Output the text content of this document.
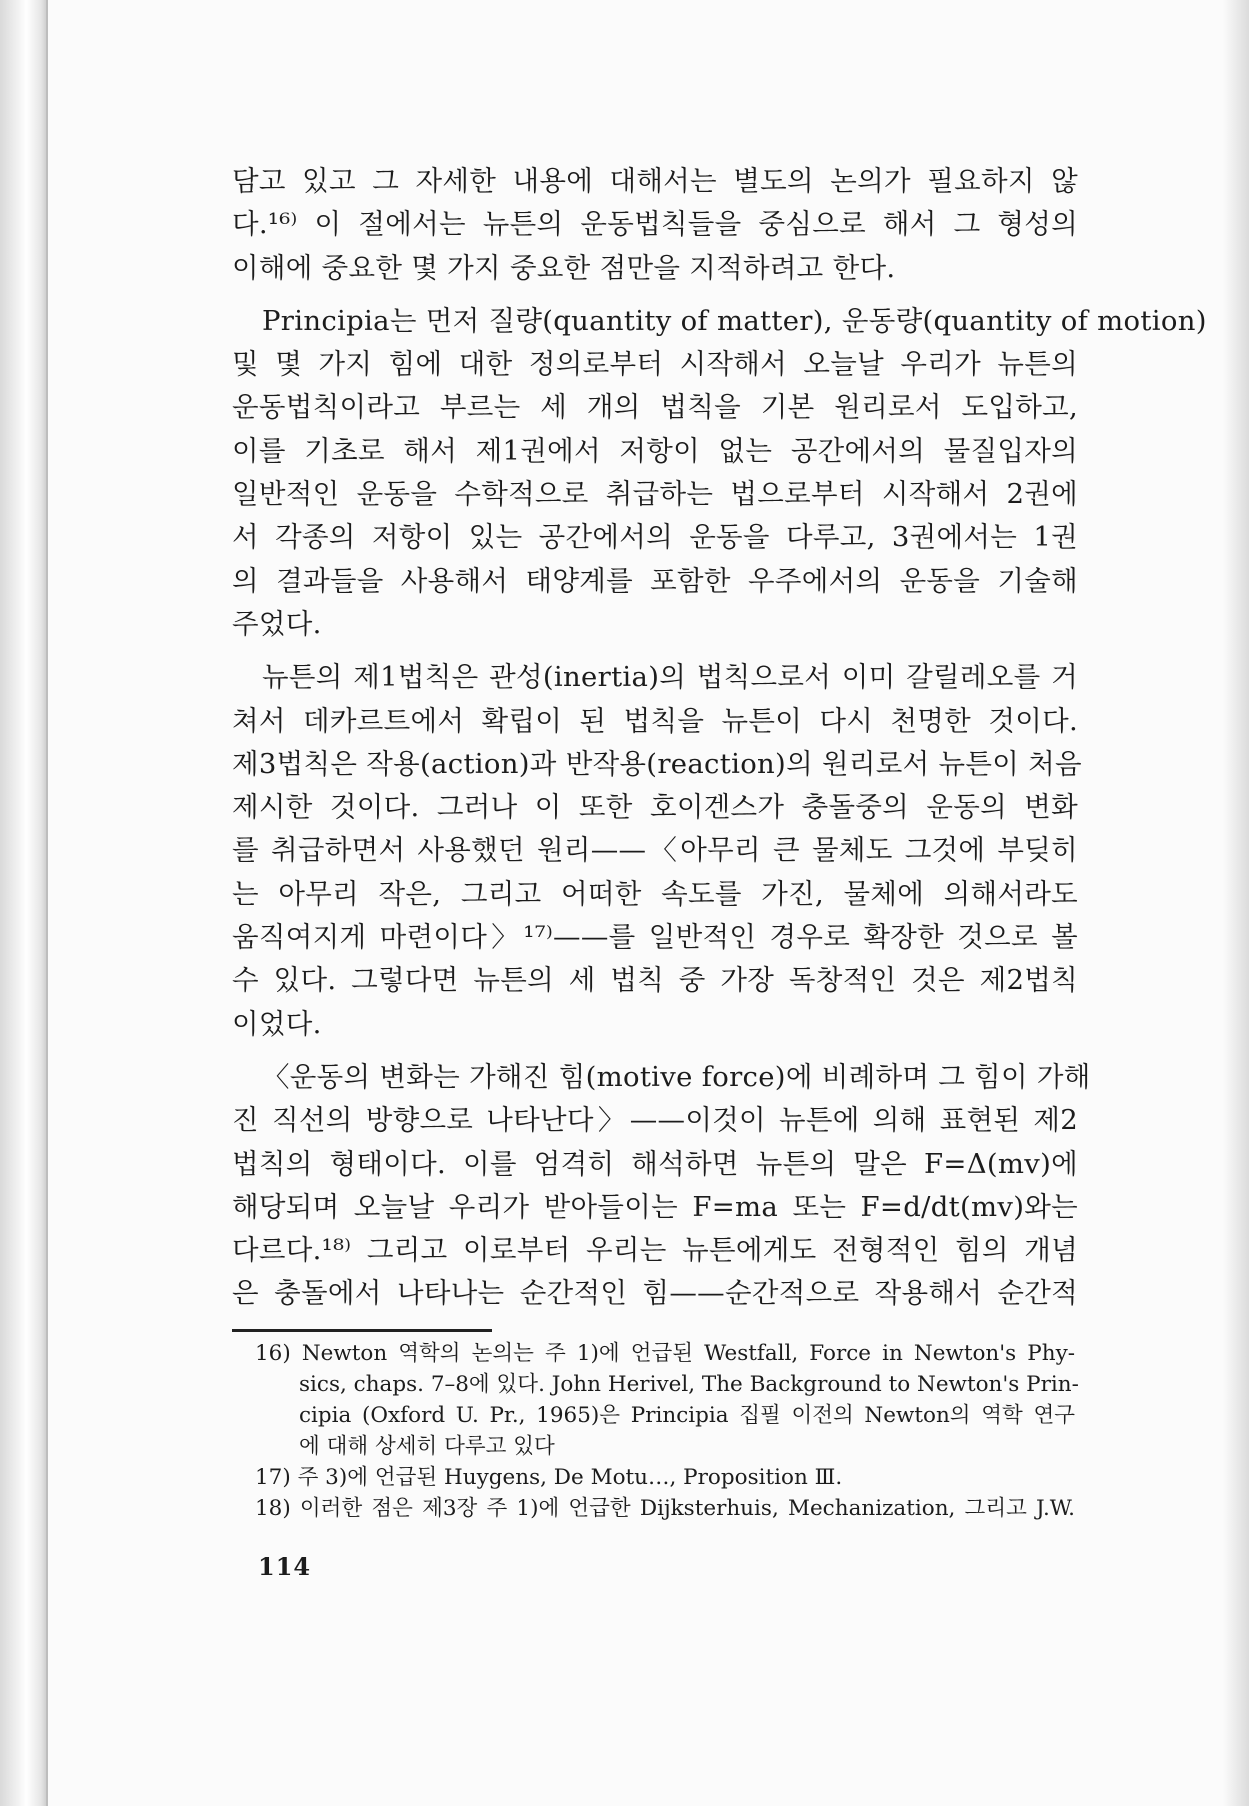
담고 있고 그 자세한 내용에 대해서는 별도의 논의가 필요하지 않
다.¹⁶⁾ 이 절에서는 뉴튼의 운동법칙들을 중심으로 해서 그 형성의
이해에 중요한 몇 가지 중요한 점만을 지적하려고 한다.

Principia는 먼저 질량(quantity of matter), 운동량(quantity of motion)
및 몇 가지 힘에 대한 정의로부터 시작해서 오늘날 우리가 뉴튼의
운동법칙이라고 부르는 세 개의 법칙을 기본 원리로서 도입하고,
이를 기초로 해서 제1권에서 저항이 없는 공간에서의 물질입자의
일반적인 운동을 수학적으로 취급하는 법으로부터 시작해서 2권에
서 각종의 저항이 있는 공간에서의 운동을 다루고, 3권에서는 1권
의 결과들을 사용해서 태양계를 포함한 우주에서의 운동을 기술해
주었다.

뉴튼의 제1법칙은 관성(inertia)의 법칙으로서 이미 갈릴레오를 거
쳐서 데카르트에서 확립이 된 법칙을 뉴튼이 다시 천명한 것이다.
제3법칙은 작용(action)과 반작용(reaction)의 원리로서 뉴튼이 처음
제시한 것이다. 그러나 이 또한 호이겐스가 충돌중의 운동의 변화
를 취급하면서 사용했던 원리——〈아무리 큰 물체도 그것에 부딪히
는 아무리 작은, 그리고 어떠한 속도를 가진, 물체에 의해서라도
움직여지게 마련이다〉¹⁷⁾——를 일반적인 경우로 확장한 것으로 볼
수 있다. 그렇다면 뉴튼의 세 법칙 중 가장 독창적인 것은 제2법칙
이었다.

〈운동의 변화는 가해진 힘(motive force)에 비례하며 그 힘이 가해
진 직선의 방향으로 나타난다〉——이것이 뉴튼에 의해 표현된 제2
법칙의 형태이다. 이를 엄격히 해석하면 뉴튼의 말은 F=Δ(mv)에
해당되며 오늘날 우리가 받아들이는 F=ma 또는 F=d/dt(mv)와는
다르다.¹⁸⁾ 그리고 이로부터 우리는 뉴튼에게도 전형적인 힘의 개념
은 충돌에서 나타나는 순간적인 힘——순간적으로 작용해서 순간적

16) Newton 역학의 논의는 주 1)에 언급된 Westfall, Force in Newton's Phy-
sics, chaps. 7–8에 있다. John Herivel, The Background to Newton's Prin-
cipia (Oxford U. Pr., 1965)은 Principia 집필 이전의 Newton의 역학 연구
에 대해 상세히 다루고 있다
17) 주 3)에 언급된 Huygens, De Motu…, Proposition Ⅲ.
18) 이러한 점은 제3장 주 1)에 언급한 Dijksterhuis, Mechanization, 그리고 J.W.
114
